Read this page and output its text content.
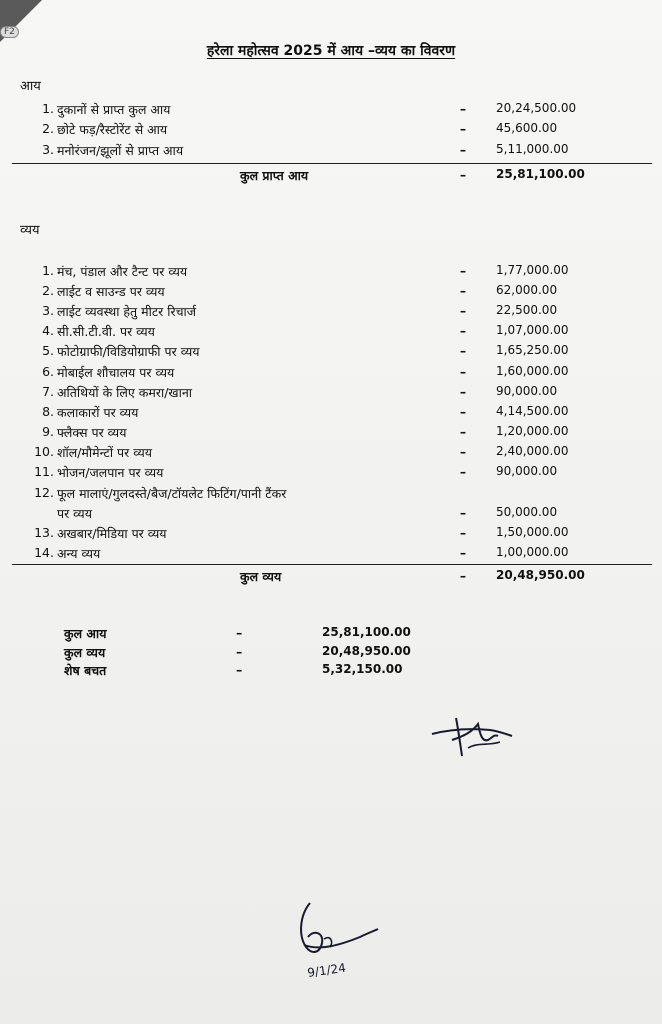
F2
हरेला महोत्सव 2025 में आय –व्यय का विवरण
आय
1. दुकानों से प्राप्त कुल आय	–	20,24,500.00
2. छोटे फड़/रैस्टोरेंट से आय	–	45,600.00
3. मनोरंजन/झूलों से प्राप्त आय	–	5,11,000.00
कुल प्राप्त आय	–	25,81,100.00
व्यय
1. मंच, पंडाल और टैन्ट पर व्यय	–	1,77,000.00
2. लाईट व साउन्ड पर व्यय	–	62,000.00
3. लाईट व्यवस्था हेतु मीटर रिचार्ज	–	22,500.00
4. सी.सी.टी.वी. पर व्यय	–	1,07,000.00
5. फोटोग्राफी/विडियोग्राफी पर व्यय	–	1,65,250.00
6. मोबाईल शौचालय पर व्यय	–	1,60,000.00
7. अतिथियों के लिए कमरा/खाना	–	90,000.00
8. कलाकारों पर व्यय	–	4,14,500.00
9. फ्लैक्स पर व्यय	–	1,20,000.00
10. शॉल/मौमेन्टों पर व्यय	–	2,40,000.00
11. भोजन/जलपान पर व्यय	–	90,000.00
12. फूल मालाएं/गुलदस्ते/बैज/टॉयलेट फिटिंग/पानी टैंकर
पर व्यय	–	50,000.00
13. अखबार/मिडिया पर व्यय	–	1,50,000.00
14. अन्य व्यय	–	1,00,000.00
कुल व्यय	–	20,48,950.00
कुल आय	–	25,81,100.00
कुल व्यय	–	20,48,950.00
शेष बचत	–	5,32,150.00
9/1/24
